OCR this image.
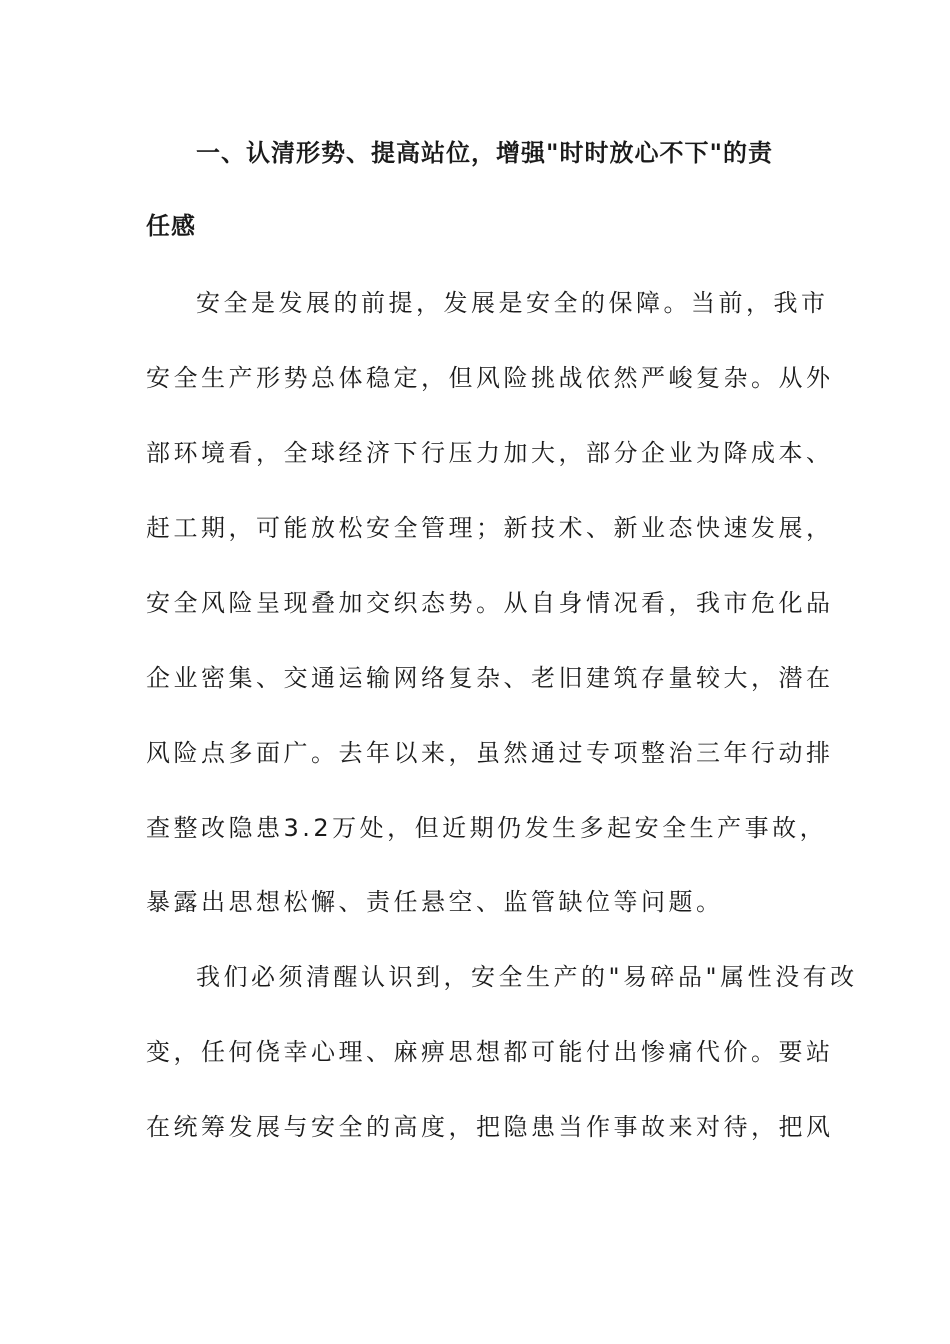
一、认清形势、提高站位，增强"时时放心不下"的责
任感
安全是发展的前提，发展是安全的保障。当前，我市
安全生产形势总体稳定，但风险挑战依然严峻复杂。从外
部环境看，全球经济下行压力加大，部分企业为降成本、
赶工期，可能放松安全管理；新技术、新业态快速发展，
安全风险呈现叠加交织态势。从自身情况看，我市危化品
企业密集、交通运输网络复杂、老旧建筑存量较大，潜在
风险点多面广。去年以来，虽然通过专项整治三年行动排
查整改隐患3.2万处，但近期仍发生多起安全生产事故，
暴露出思想松懈、责任悬空、监管缺位等问题。
我们必须清醒认识到，安全生产的"易碎品"属性没有改
变，任何侥幸心理、麻痹思想都可能付出惨痛代价。要站
在统筹发展与安全的高度，把隐患当作事故来对待，把风
